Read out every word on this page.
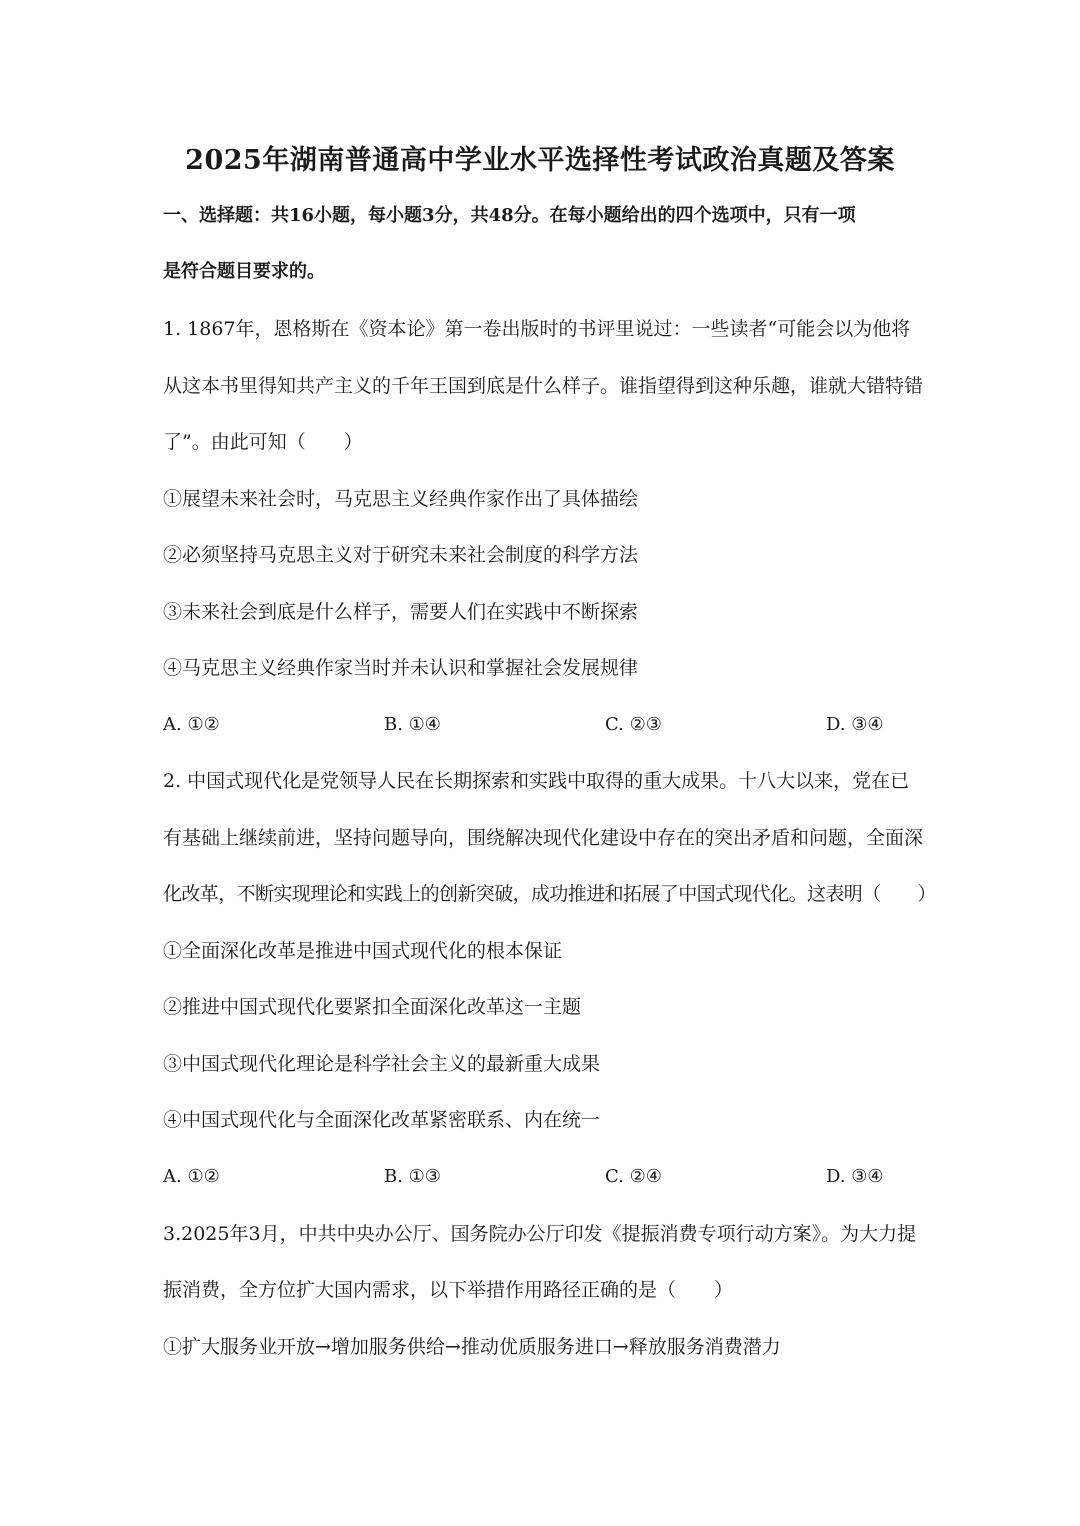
2025年湖南普通高中学业水平选择性考试政治真题及答案
一、选择题：共16小题，每小题3分，共48分。在每小题给出的四个选项中，只有一项
是符合题目要求的。
1. 1867年，恩格斯在《资本论》第一卷出版时的书评里说过：一些读者“可能会以为他将
从这本书里得知共产主义的千年王国到底是什么样子。谁指望得到这种乐趣，谁就大错特错
了”。由此可知（　　）
①展望未来社会时，马克思主义经典作家作出了具体描绘
②必须坚持马克思主义对于研究未来社会制度的科学方法
③未来社会到底是什么样子，需要人们在实践中不断探索
④马克思主义经典作家当时并未认识和掌握社会发展规律
A. ①②	B. ①④	C. ②③	D. ③④
2. 中国式现代化是党领导人民在长期探索和实践中取得的重大成果。十八大以来，党在已
有基础上继续前进，坚持问题导向，围绕解决现代化建设中存在的突出矛盾和问题，全面深
化改革，不断实现理论和实践上的创新突破，成功推进和拓展了中国式现代化。这表明（　　）
①全面深化改革是推进中国式现代化的根本保证
②推进中国式现代化要紧扣全面深化改革这一主题
③中国式现代化理论是科学社会主义的最新重大成果
④中国式现代化与全面深化改革紧密联系、内在统一
A. ①②	B. ①③	C. ②④	D. ③④
3.2025年3月，中共中央办公厅、国务院办公厅印发《提振消费专项行动方案》。为大力提
振消费，全方位扩大国内需求，以下举措作用路径正确的是（　　）
①扩大服务业开放→增加服务供给→推动优质服务进口→释放服务消费潜力
